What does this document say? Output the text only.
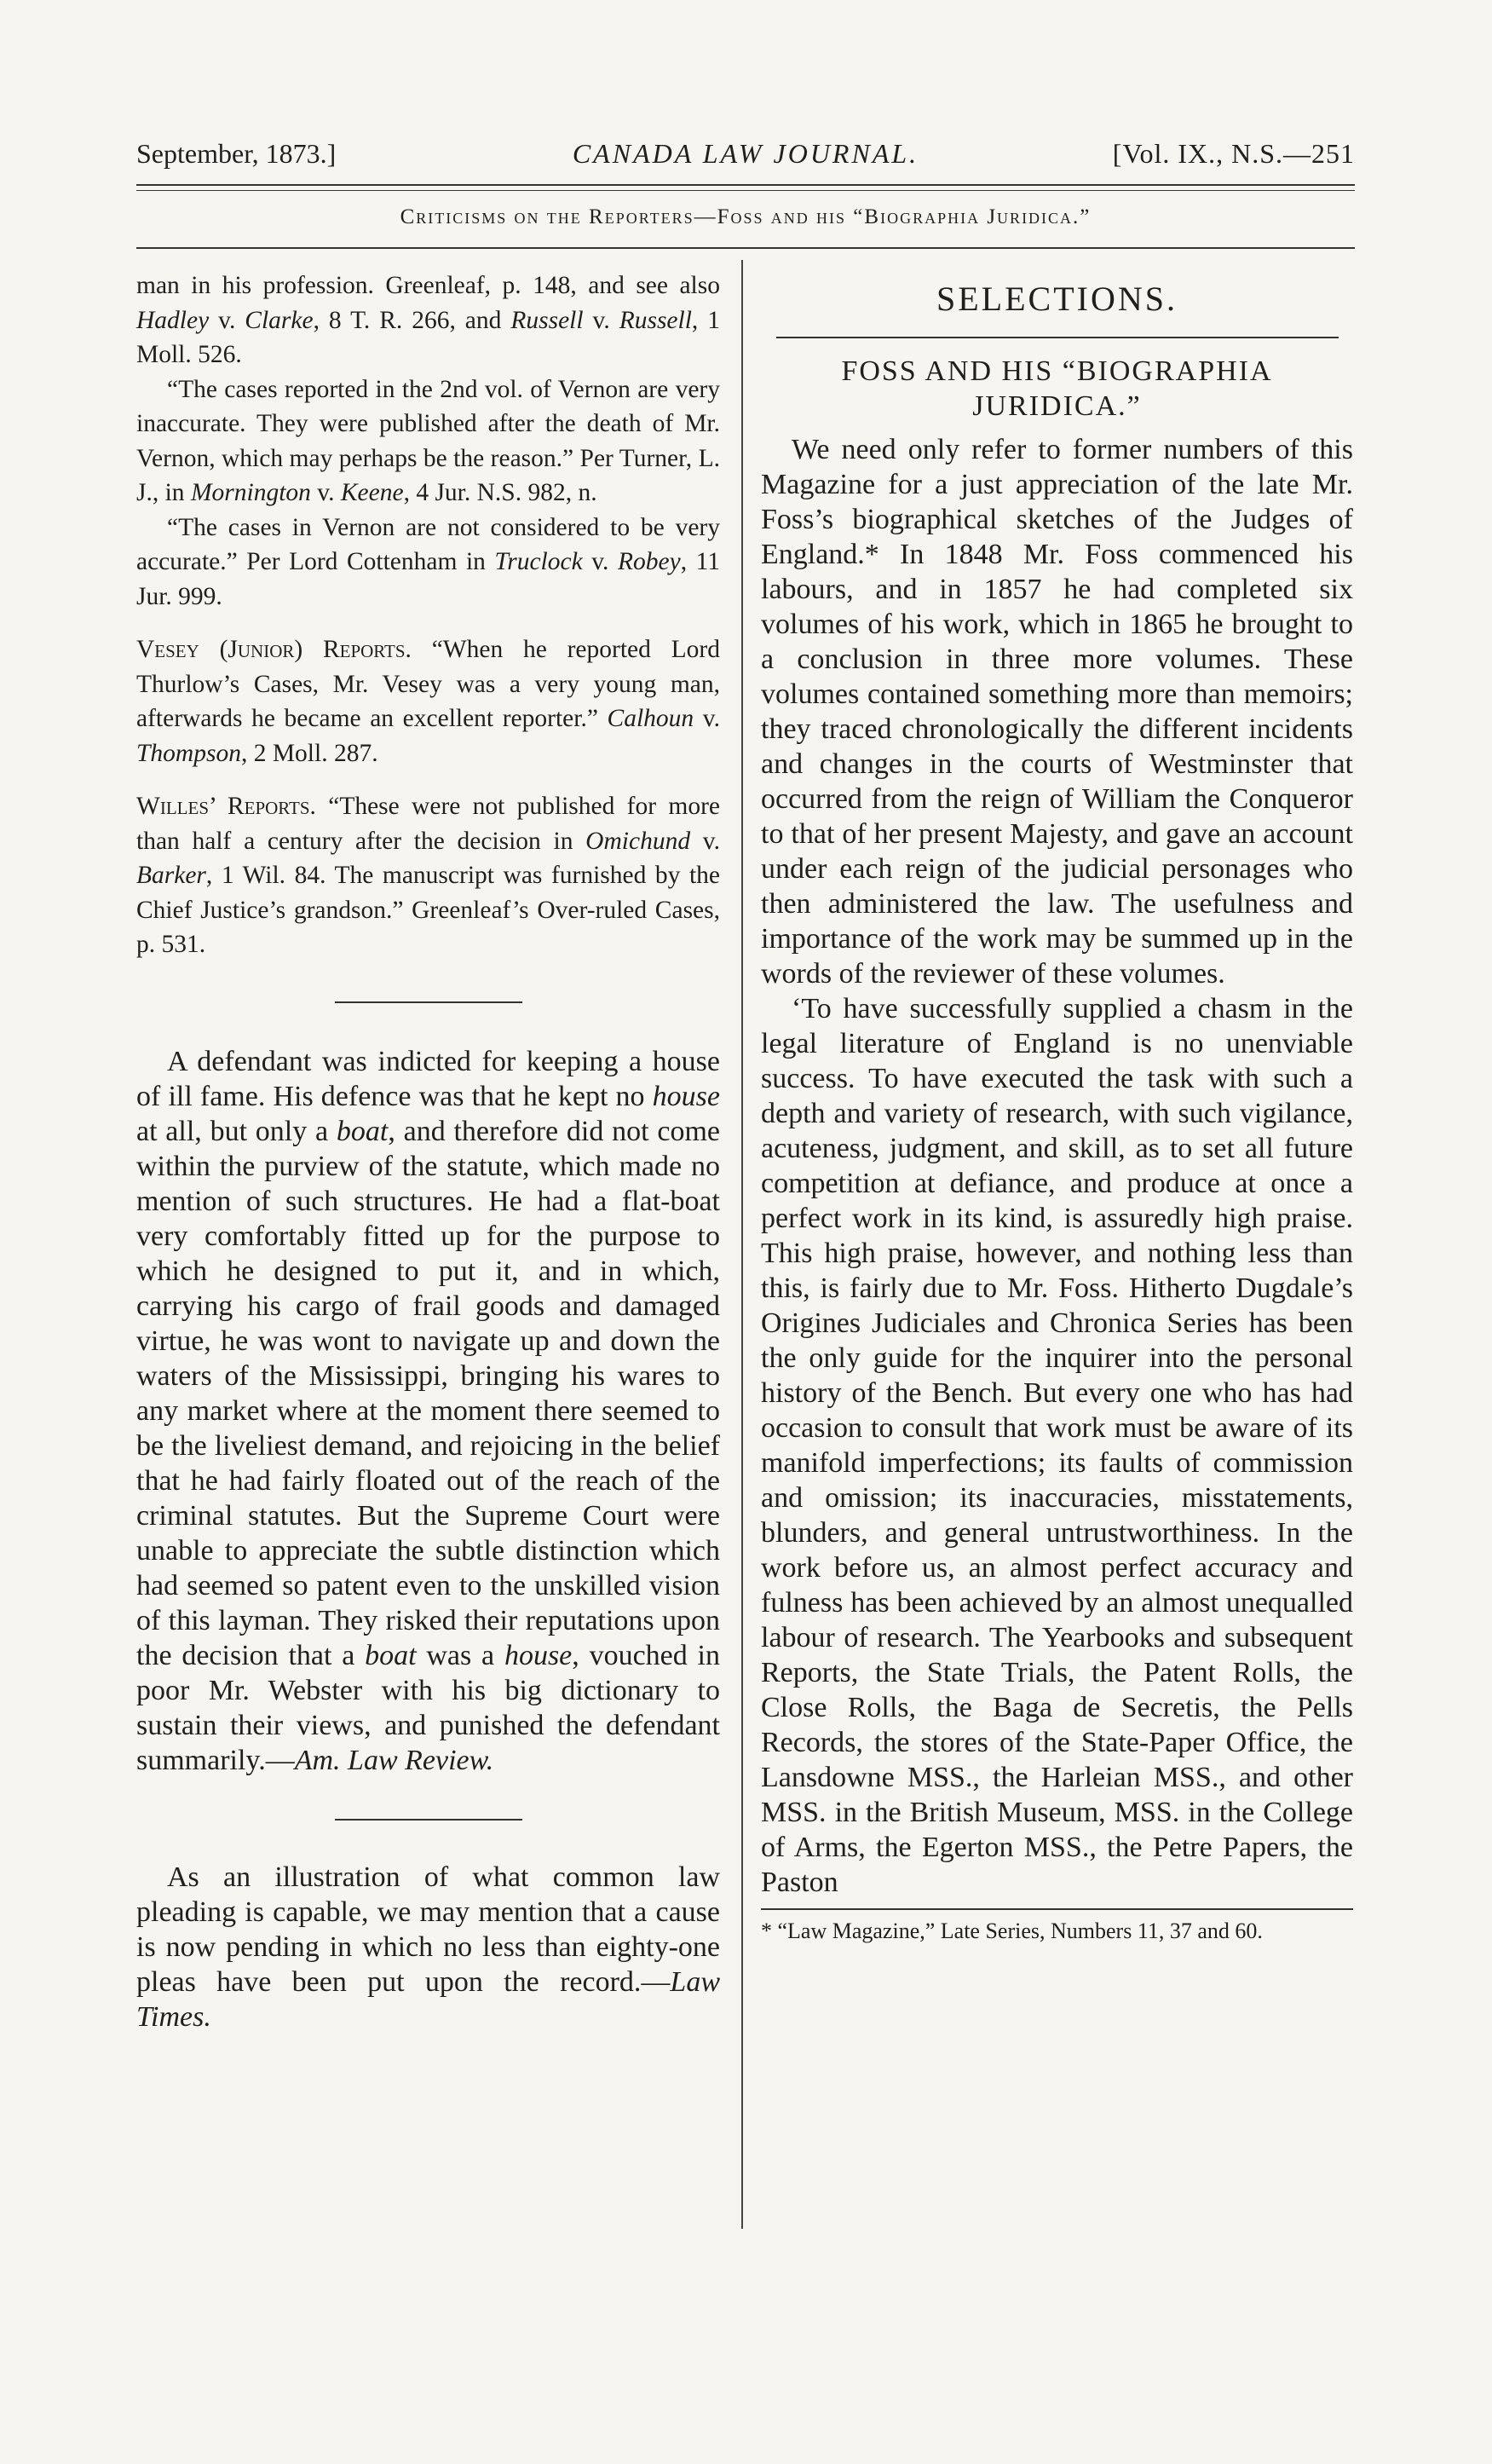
September, 1873.]	CANADA LAW JOURNAL.	[Vol. IX., N.S.—251
Criticisms on the Reporters—Foss and his “Biographia Juridica.”

man in his profession. Greenleaf, p. 148, and see also Hadley v. Clarke, 8 T. R. 266, and Russell v. Russell, 1 Moll. 526.

“The cases reported in the 2nd vol. of Vernon are very inaccurate. They were published after the death of Mr. Vernon, which may perhaps be the reason.” Per Turner, L. J., in Mornington v. Keene, 4 Jur. N.S. 982, n.

“The cases in Vernon are not considered to be very accurate.” Per Lord Cottenham in Truclock v. Robey, 11 Jur. 999.

Vesey (Junior) Reports. “When he reported Lord Thurlow’s Cases, Mr. Vesey was a very young man, afterwards he became an excellent reporter.” Calhoun v. Thompson, 2 Moll. 287.

Willes’ Reports. “These were not published for more than half a century after the decision in Omichund v. Barker, 1 Wil. 84. The manuscript was furnished by the Chief Justice’s grandson.” Greenleaf’s Over-ruled Cases, p. 531.

A defendant was indicted for keeping a house of ill fame. His defence was that he kept no house at all, but only a boat, and therefore did not come within the purview of the statute, which made no mention of such structures. He had a flat-boat very comfortably fitted up for the purpose to which he designed to put it, and in which, carrying his cargo of frail goods and damaged virtue, he was wont to navigate up and down the waters of the Mississippi, bringing his wares to any market where at the moment there seemed to be the liveliest demand, and rejoicing in the belief that he had fairly floated out of the reach of the criminal statutes. But the Supreme Court were unable to appreciate the subtle distinction which had seemed so patent even to the unskilled vision of this layman. They risked their reputations upon the decision that a boat was a house, vouched in poor Mr. Webster with his big dictionary to sustain their views, and punished the defendant summarily.—Am. Law Review.

As an illustration of what common law pleading is capable, we may mention that a cause is now pending in which no less than eighty-one pleas have been put upon the record.—Law Times.

SELECTIONS.
FOSS AND HIS “BIOGRAPHIA JURIDICA.”

We need only refer to former numbers of this Magazine for a just appreciation of the late Mr. Foss’s biographical sketches of the Judges of England.* In 1848 Mr. Foss commenced his labours, and in 1857 he had completed six volumes of his work, which in 1865 he brought to a conclusion in three more volumes. These volumes contained something more than memoirs; they traced chronologically the different incidents and changes in the courts of Westminster that occurred from the reign of William the Conqueror to that of her present Majesty, and gave an account under each reign of the judicial personages who then administered the law. The usefulness and importance of the work may be summed up in the words of the reviewer of these volumes.

‘To have successfully supplied a chasm in the legal literature of England is no unenviable success. To have executed the task with such a depth and variety of research, with such vigilance, acuteness, judgment, and skill, as to set all future competition at defiance, and produce at once a perfect work in its kind, is assuredly high praise. This high praise, however, and nothing less than this, is fairly due to Mr. Foss. Hitherto Dugdale’s Origines Judiciales and Chronica Series has been the only guide for the inquirer into the personal history of the Bench. But every one who has had occasion to consult that work must be aware of its manifold imperfections; its faults of commission and omission; its inaccuracies, misstatements, blunders, and general untrustworthiness. In the work before us, an almost perfect accuracy and fulness has been achieved by an almost unequalled labour of research. The Yearbooks and subsequent Reports, the State Trials, the Patent Rolls, the Close Rolls, the Baga de Secretis, the Pells Records, the stores of the State-Paper Office, the Lansdowne MSS., the Harleian MSS., and other MSS. in the British Museum, MSS. in the College of Arms, the Egerton MSS., the Petre Papers, the Paston

* “Law Magazine,” Late Series, Numbers 11, 37 and 60.
